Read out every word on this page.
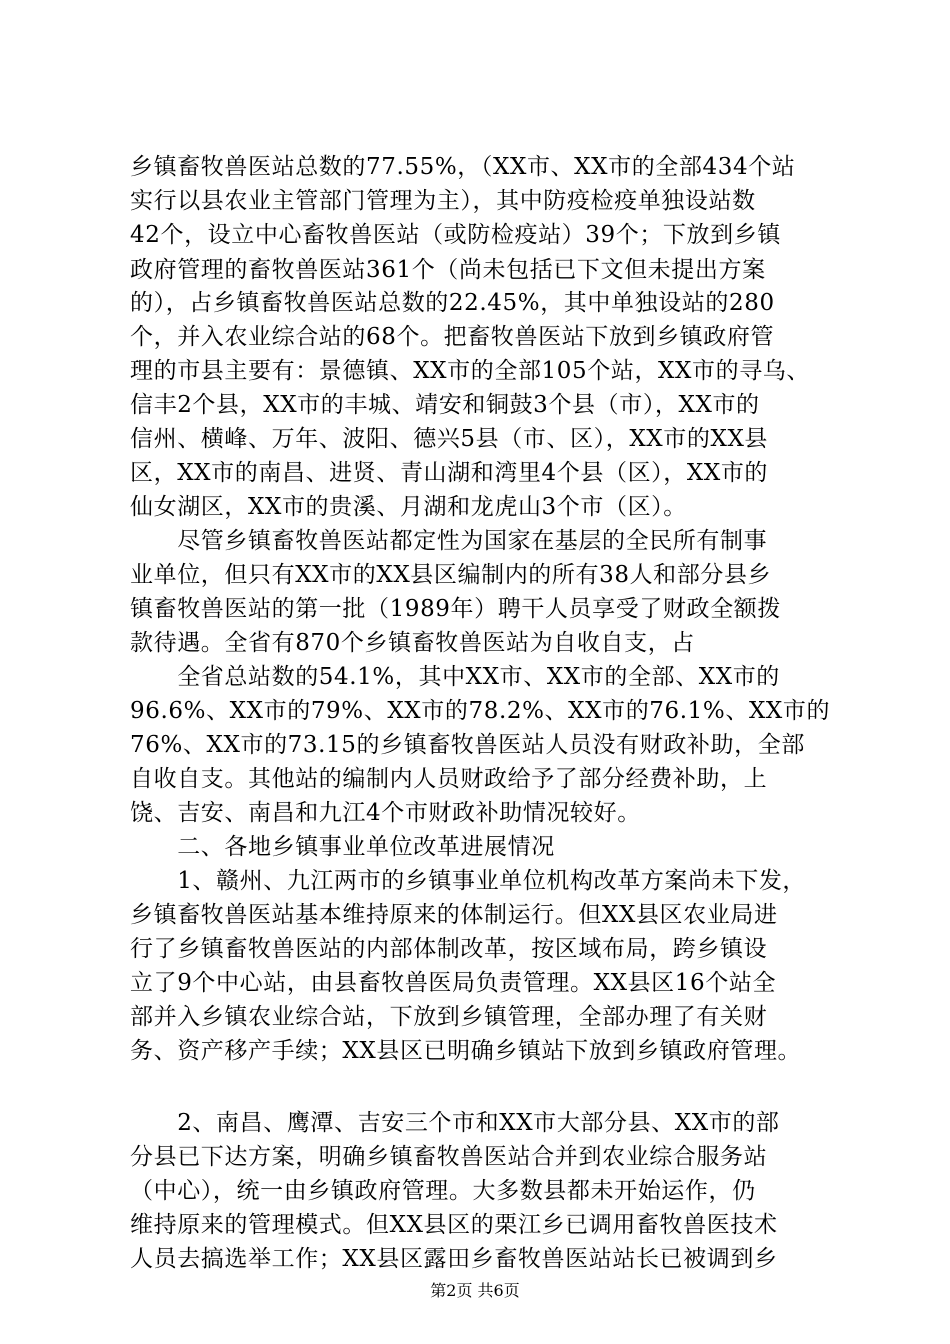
乡镇畜牧兽医站总数的77.55%，（XX市、XX市的全部434个站
实行以县农业主管部门管理为主），其中防疫检疫单独设站数
42个，设立中心畜牧兽医站（或防检疫站）39个；下放到乡镇
政府管理的畜牧兽医站361个（尚未包括已下文但未提出方案
的），占乡镇畜牧兽医站总数的22.45%，其中单独设站的280
个，并入农业综合站的68个。把畜牧兽医站下放到乡镇政府管
理的市县主要有：景德镇、XX市的全部105个站，XX市的寻乌、
信丰2个县，XX市的丰城、靖安和铜鼓3个县（市），XX市的
信州、横峰、万年、波阳、德兴5县（市、区），XX市的XX县
区，XX市的南昌、进贤、青山湖和湾里4个县（区），XX市的
仙女湖区，XX市的贵溪、月湖和龙虎山3个市（区）。
　　尽管乡镇畜牧兽医站都定性为国家在基层的全民所有制事
业单位，但只有XX市的XX县区编制内的所有38人和部分县乡
镇畜牧兽医站的第一批（1989年）聘干人员享受了财政全额拨
款待遇。全省有870个乡镇畜牧兽医站为自收自支，占
　　全省总站数的54.1%，其中XX市、XX市的全部、XX市的
96.6%、XX市的79%、XX市的78.2%、XX市的76.1%、XX市的
76%、XX市的73.15的乡镇畜牧兽医站人员没有财政补助，全部
自收自支。其他站的编制内人员财政给予了部分经费补助，上
饶、吉安、南昌和九江4个市财政补助情况较好。
　　二、各地乡镇事业单位改革进展情况
　　1、赣州、九江两市的乡镇事业单位机构改革方案尚未下发，
乡镇畜牧兽医站基本维持原来的体制运行。但XX县区农业局进
行了乡镇畜牧兽医站的内部体制改革，按区域布局，跨乡镇设
立了9个中心站，由县畜牧兽医局负责管理。XX县区16个站全
部并入乡镇农业综合站，下放到乡镇管理，全部办理了有关财
务、资产移产手续；XX县区已明确乡镇站下放到乡镇政府管理。
　　2、南昌、鹰潭、吉安三个市和XX市大部分县、XX市的部
分县已下达方案，明确乡镇畜牧兽医站合并到农业综合服务站
（中心），统一由乡镇政府管理。大多数县都未开始运作，仍
维持原来的管理模式。但XX县区的栗江乡已调用畜牧兽医技术
人员去搞选举工作；XX县区露田乡畜牧兽医站站长已被调到乡
第2页 共6页
